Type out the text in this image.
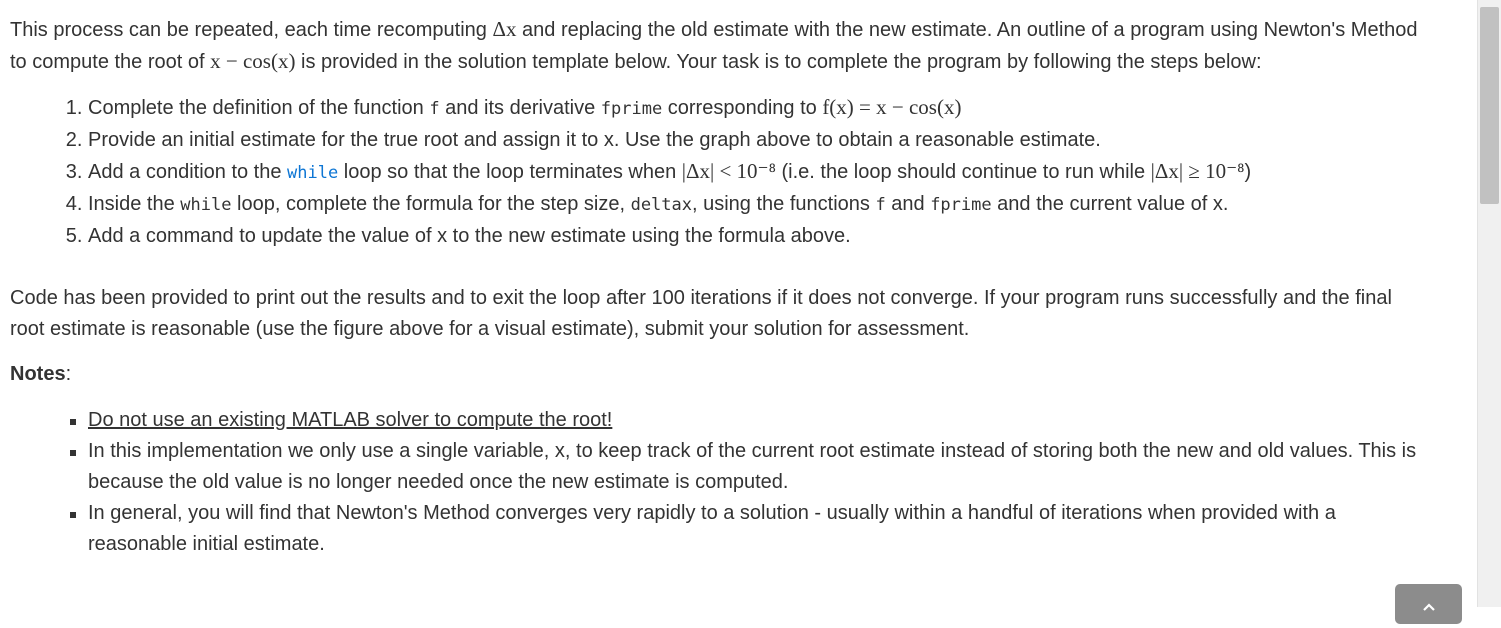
This process can be repeated, each time recomputing Δx and replacing the old estimate with the new estimate. An outline of a program using Newton's Method to compute the root of x − cos(x) is provided in the solution template below. Your task is to complete the program by following the steps below:

1. Complete the definition of the function f and its derivative fprime corresponding to f(x) = x − cos(x)
2. Provide an initial estimate for the true root and assign it to x. Use the graph above to obtain a reasonable estimate.
3. Add a condition to the while loop so that the loop terminates when |Δx| < 10⁻⁸ (i.e. the loop should continue to run while |Δx| ≥ 10⁻⁸)
4. Inside the while loop, complete the formula for the step size, deltax, using the functions f and fprime and the current value of x.
5. Add a command to update the value of x to the new estimate using the formula above.

Code has been provided to print out the results and to exit the loop after 100 iterations if it does not converge. If your program runs successfully and the final root estimate is reasonable (use the figure above for a visual estimate), submit your solution for assessment.

Notes:

Do not use an existing MATLAB solver to compute the root!
In this implementation we only use a single variable, x, to keep track of the current root estimate instead of storing both the new and old values. This is because the old value is no longer needed once the new estimate is computed.
In general, you will find that Newton's Method converges very rapidly to a solution - usually within a handful of iterations when provided with a reasonable initial estimate.
